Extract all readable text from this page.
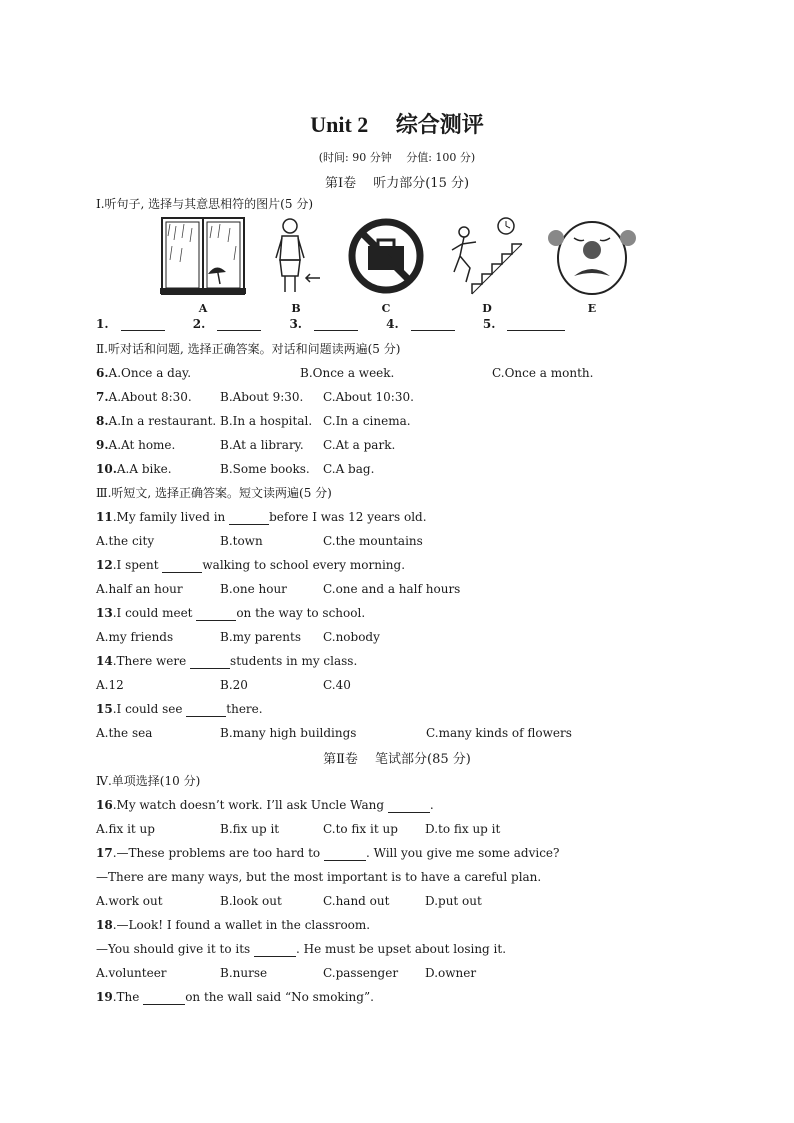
Unit 2　 综合测评
(时间: 90 分钟　 分值: 100 分)
第Ⅰ卷　 听力部分(15 分)
Ⅰ.听句子, 选择与其意思相符的图片(5 分)
A	B	C	D	E
1.	2.	3.	4.	5.
Ⅱ.听对话和问题, 选择正确答案。对话和问题读两遍(5 分)
6.A.Once a day.	B.Once a week.	C.Once a month.
7.A.About 8:30. B.About 9:30. C.About 10:30.
8.A.In a restaurant. B.In a hospital. C.In a cinema.
9.A.At home.	B.At a library. C.At a park.
10.A.A bike.	B.Some books. C.A bag.
Ⅲ.听短文, 选择正确答案。短文读两遍(5 分)
11.My family lived in	before I was 12 years old.
A.the city	B.town	C.the mountains
12.I spent	walking to school every morning.
A.half an hour	B.one hour	C.one and a half hours
13.I could meet	on the way to school.
A.my friends	B.my parents C.nobody
14.There were	students in my class.
A.12	B.20	C.40
15.I could see	there.
A.the sea	B.many high buildings	C.many kinds of flowers
第Ⅱ卷　 笔试部分(85 分)
Ⅳ.单项选择(10 分)
16.My watch doesn’t work. I’ll ask Uncle Wang	.
A.fix it up	B.fix up it	C.to fix it up D.to fix up it
17.—These problems are too hard to	. Will you give me some advice?
—There are many ways, but the most important is to have a careful plan.
A.work out	B.look out	C.hand out	D.put out
18.—Look! I found a wallet in the classroom.
—You should give it to its	. He must be upset about losing it.
A.volunteer	B.nurse	C.passenger D.owner
19.The	on the wall said “No smoking”.
